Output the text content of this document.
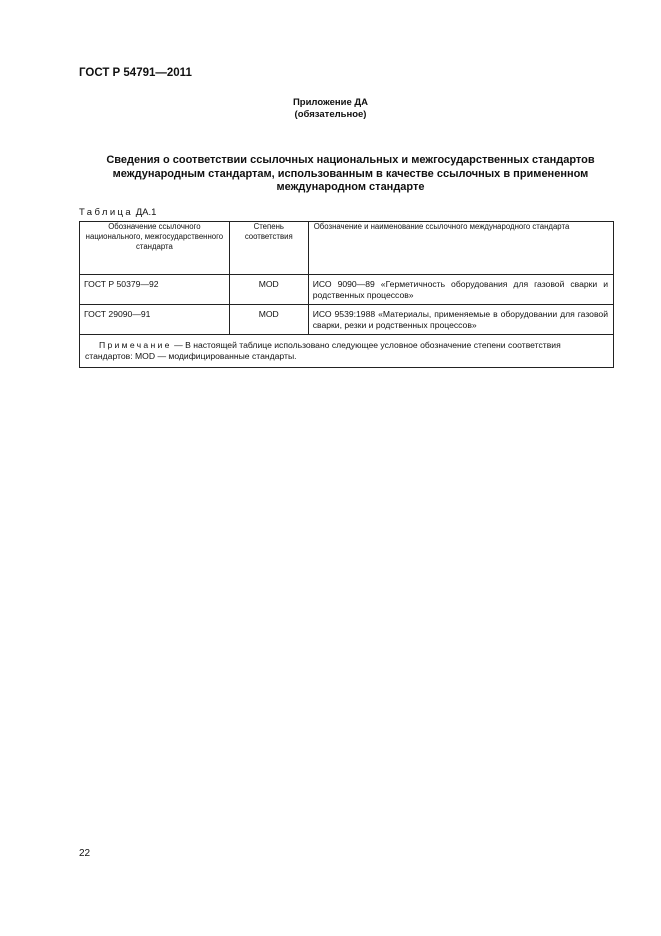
ГОСТ Р 54791—2011
Приложение ДА
(обязательное)
Сведения о соответствии ссылочных национальных и межгосударственных стандартов международным стандартам, использованным в качестве ссылочных в примененном международном стандарте
Таблица ДА.1
Обозначение ссылочного национального, межгосударственного стандарта	Степень соответствия	Обозначение и наименование ссылочного международного стандарта
ГОСТ Р 50379—92	MOD	ИСО 9090—89 «Герметичность оборудования для газовой сварки и родственных процессов»
ГОСТ 29090—91	MOD	ИСО 9539:1988 «Материалы, применяемые в оборудовании для газовой сварки, резки и родственных процессов»
Примечание — В настоящей таблице использовано следующее условное обозначение степени соответствия стандартов: MOD — модифицированные стандарты.		
22
